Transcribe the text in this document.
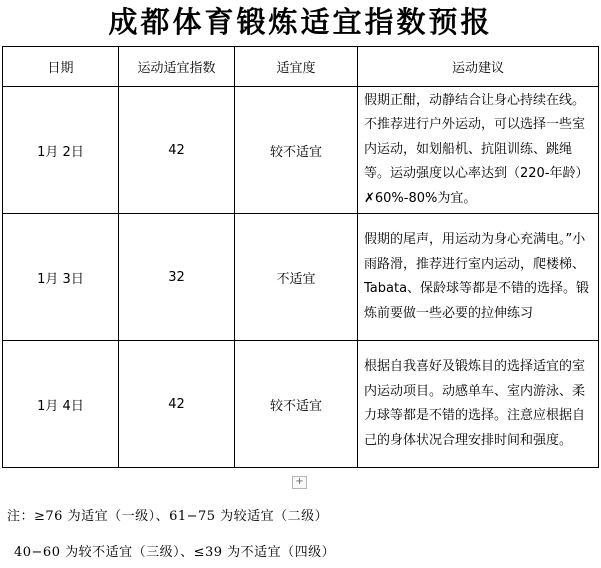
成都体育锻炼适宜指数预报
日期	运动适宜指数	适宜度	运动建议
1月 2日	42	较不适宜	假期正酣，动静结合让身心持续在线。不推荐进行户外运动，可以选择一些室内运动，如划船机、抗阻训练、跳绳等。运动强度以心率达到（220-年龄）✗60%-80%为宜。
1月 3日	32	不适宜	假期的尾声，用运动为身心充满电。”小雨路滑，推荐进行室内运动，爬楼梯、Tabata、保龄球等都是不错的选择。锻炼前要做一些必要的拉伸练习
1月 4日	42	较不适宜	根据自我喜好及锻炼目的选择适宜的室内运动项目。动感单车、室内游泳、柔力球等都是不错的选择。注意应根据自己的身体状况合理安排时间和强度。
+
注：≥76 为适宜（一级）、61−75 为较适宜（二级）
40−60 为较不适宜（三级）、≤39 为不适宜（四级）
